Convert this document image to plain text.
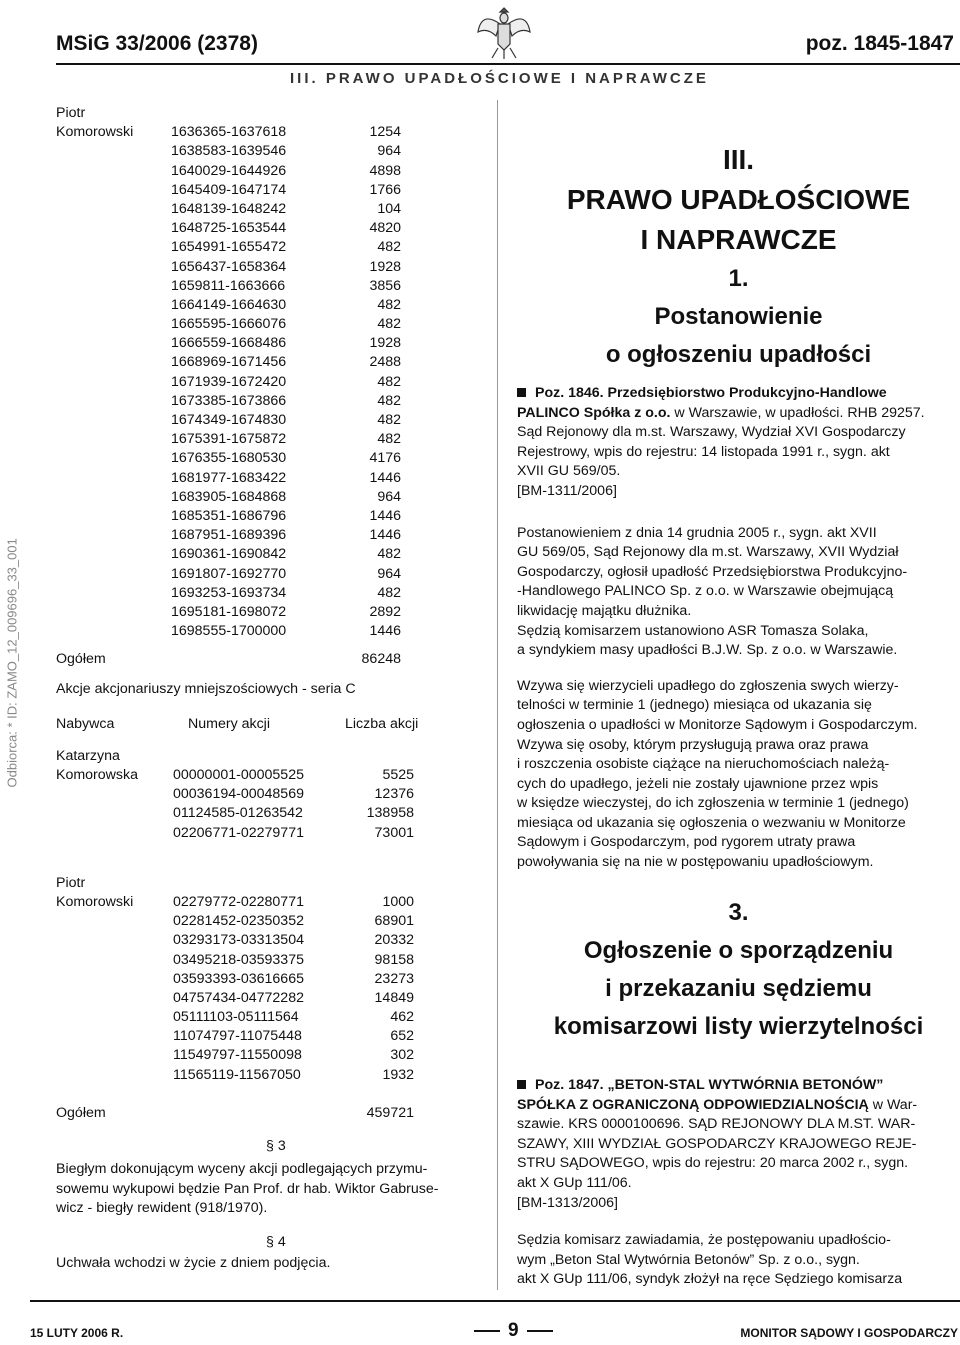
MSiG 33/2006 (2378)	poz. 1845-1847
III. PRAWO UPADŁOŚCIOWE I NAPRAWCZE
Odbiorca: * ID: ZAMO_12_009696_33_001
Piotr
Komorowski	1636365-1637618	1254
1638583-1639546	964
1640029-1644926	4898
1645409-1647174	1766
1648139-1648242	104
1648725-1653544	4820
1654991-1655472	482
1656437-1658364	1928
1659811-1663666	3856
1664149-1664630	482
1665595-1666076	482
1666559-1668486	1928
1668969-1671456	2488
1671939-1672420	482
1673385-1673866	482
1674349-1674830	482
1675391-1675872	482
1676355-1680530	4176
1681977-1683422	1446
1683905-1684868	964
1685351-1686796	1446
1687951-1689396	1446
1690361-1690842	482
1691807-1692770	964
1693253-1693734	482
1695181-1698072	2892
1698555-1700000	1446
Ogółem	86248
Akcje akcjonariuszy mniejszościowych - seria C
Nabywca	Numery akcji	Liczba akcji
Katarzyna
Komorowska 00000001-00005525	5525
00036194-00048569	12376
01124585-01263542	138958
02206771-02279771	73001
Piotr
Komorowski	02279772-02280771	1000
02281452-02350352	68901
03293173-03313504	20332
03495218-03593375	98158
03593393-03616665	23273
04757434-04772282	14849
05111103-05111564	462
11074797-11075448	652
11549797-11550098	302
11565119-11567050	1932
Ogółem	459721
§ 3
Biegłym dokonującym wyceny akcji podlegających przymu-
sowemu wykupowi będzie Pan Prof. dr hab. Wiktor Gabruse-
wicz - biegły rewident (918/1970).
§ 4
Uchwała wchodzi w życie z dniem podjęcia.
III.
PRAWO UPADŁOŚCIOWE
I NAPRAWCZE
1.
Postanowienie
o ogłoszeniu upadłości
Poz. 1846. Przedsiębiorstwo Produkcyjno-Handlowe
PALINCO Spółka z o.o. w Warszawie, w upadłości. RHB 29257.
Sąd Rejonowy dla m.st. Warszawy, Wydział XVI Gospodarczy
Rejestrowy, wpis do rejestru: 14 listopada 1991 r., sygn. akt
XVII GU 569/05.
[BM-1311/2006]
Postanowieniem z dnia 14 grudnia 2005 r., sygn. akt XVII
GU 569/05, Sąd Rejonowy dla m.st. Warszawy, XVII Wydział
Gospodarczy, ogłosił upadłość Przedsiębiorstwa Produkcyjno-
-Handlowego PALINCO Sp. z o.o. w Warszawie obejmującą
likwidację majątku dłużnika.
Sędzią komisarzem ustanowiono ASR Tomasza Solaka,
a syndykiem masy upadłości B.J.W. Sp. z o.o. w Warszawie.
Wzywa się wierzycieli upadłego do zgłoszenia swych wierzy-
telności w terminie 1 (jednego) miesiąca od ukazania się
ogłoszenia o upadłości w Monitorze Sądowym i Gospodarczym.
Wzywa się osoby, którym przysługują prawa oraz prawa
i roszczenia osobiste ciążące na nieruchomościach należą-
cych do upadłego, jeżeli nie zostały ujawnione przez wpis
w księdze wieczystej, do ich zgłoszenia w terminie 1 (jednego)
miesiąca od ukazania się ogłoszenia o wezwaniu w Monitorze
Sądowym i Gospodarczym, pod rygorem utraty prawa
powoływania się na nie w postępowaniu upadłościowym.
3.
Ogłoszenie o sporządzeniu
i przekazaniu sędziemu
komisarzowi listy wierzytelności
Poz. 1847. „BETON-STAL WYTWÓRNIA BETONÓW”
SPÓŁKA Z OGRANICZONĄ ODPOWIEDZIALNOŚCIĄ w War-
szawie. KRS 0000100696. SĄD REJONOWY DLA M.ST. WAR-
SZAWY, XIII WYDZIAŁ GOSPODARCZY KRAJOWEGO REJE-
STRU SĄDOWEGO, wpis do rejestru: 20 marca 2002 r., sygn.
akt X GUp 111/06.
[BM-1313/2006]
Sędzia komisarz zawiadamia, że postępowaniu upadłościo-
wym „Beton Stal Wytwórnia Betonów” Sp. z o.o., sygn.
akt X GUp 111/06, syndyk złożył na ręce Sędziego komisarza
15 LUTY 2006 R.	9	MONITOR SĄDOWY I GOSPODARCZY
